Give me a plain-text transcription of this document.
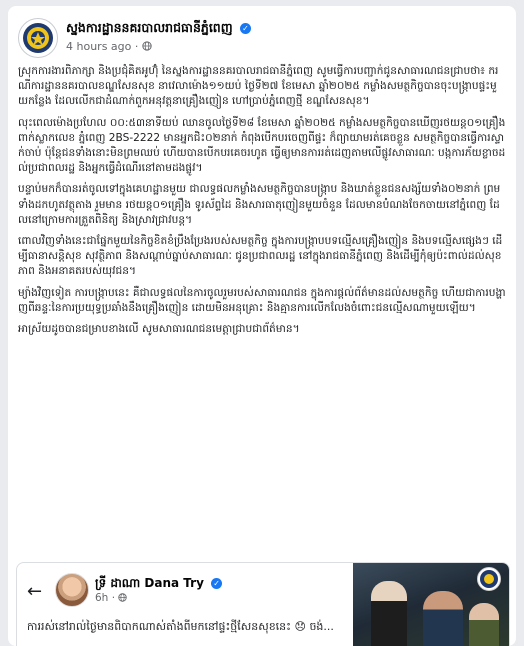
ស្នងការដ្ឋាននគរបាលរាជធានីភ្នំពេញ ✓
4 hours ago ·

ស្រុកការងារពិភាក្សា និងប្រជុំគិតអូហ៊ុំ នៃស្នងការដ្ឋាននគរបាលរាជធានីភ្នំពេញ សូមធ្វើការបញ្ជាក់ជូនសាធារណជនជ្រាបថា៖ ករណីការដ្ឋាននគរបាលខណ្ឌសែនសុខ នាវេលាម៉ោង១១យប់ ថ្ងៃទី២៧ ខែមេសា ឆ្នាំ២០២៥ កម្លាំងសមត្ថកិច្ចបានចុះបង្ក្រាបផ្ទះមួយកន្លែង ដែលលើកជាដំណាក់ពួកអនុវត្តនាគ្រឿងញៀន ហៅប្រាប់ភ្នំពេញថ្មី ខណ្ឌសែនសុខ។

លុះពេលម៉ោងប្រហែល ០០:៥៣នាទីយប់ ឈានចូលថ្ងៃទី២៨ ខែមេសា ឆ្នាំ២០២៥ កម្លាំងសមត្ថកិច្ចបានឃើញរថយន្ត០១គ្រឿង ពាក់ស្លាកលេខ ភ្នំពេញ 2BS-2222 មានអ្នកជិះ០២នាក់ កំពុងបើកបរចេញពីផ្ទះ ក៏ព្យាយាមរត់គេចខ្លួន សមត្ថកិច្ចបានធ្វើការស្ទាក់ចាប់ ប៉ុន្តែជនទាំងនោះមិនព្រមឈប់ ហើយបានបើកបរគេចរហូត ធ្វើឲ្យមានការរត់ដេញតាមលើផ្លូវសាធារណៈ បង្កការភ័យខ្លាចដល់ប្រជាពលរដ្ឋ និងអ្នកធ្វើដំណើរនៅតាមដងផ្លូវ។

បន្ទាប់មកក៏បានរត់ចូលទៅក្នុងគេហដ្ឋានមួយ ជាលទ្ធផលកម្លាំងសមត្ថកិច្ចបានបង្ក្រាប និងឃាត់ខ្លួនជនសង្ស័យទាំង០២នាក់ ព្រមទាំងដកហូតវត្ថុតាង រួមមាន រថយន្ត០១គ្រឿង ទូរស័ព្ទដៃ និងសារធាតុញៀនមួយចំនួន ដែលមានបំណងចែកចាយនៅភ្នំពេញ ដែលនៅក្រោមការត្រួតពិនិត្យ និងស្រាវជ្រាវបន្ត។

ពោលវិញទាំងនេះជាផ្នែកមួយនៃកិច្ចខិតខំប្រឹងប្រែងរបស់សមត្ថកិច្ច ក្នុងការបង្ក្រាបបទល្មើសគ្រឿងញៀន និងបទល្មើសផ្សេងៗ ដើម្បីធានាសន្តិសុខ សុវត្ថិភាព និងសណ្តាប់ធ្នាប់សាធារណៈ ជូនប្រជាពលរដ្ឋ នៅក្នុងរាជធានីភ្នំពេញ និងដើម្បីកុំឲ្យប៉ះពាល់ដល់សុខភាព និងអនាគតរបស់យុវជន។

ម្យ៉ាងវិញទៀត ការបង្ក្រាបនេះ គឺជាលទ្ធផលនៃការចូលរួមរបស់សាធារណជន ក្នុងការផ្តល់ព័ត៌មានដល់សមត្ថកិច្ច ហើយជាការបង្ហាញពីឆន្ទៈនៃការប្រយុទ្ធប្រឆាំងនឹងគ្រឿងញៀន ដោយមិនអនុគ្រោះ និងគ្មានការលើកលែងចំពោះជនល្មើសណាមួយឡើយ។

អាស្រ័យដូចបានជម្រាបខាងលើ សូមសាធារណជនមេត្តាជ្រាបជាព័ត៌មាន។

←	ទ្រី ដាណា Dana Try ✓
6h ·
ការរស់នៅរាល់ថ្ងៃមានពិបាកណាស់តាំងពីមកនៅផ្ទះថ្មីសែនសុខនេះ 😞 ចង់...
